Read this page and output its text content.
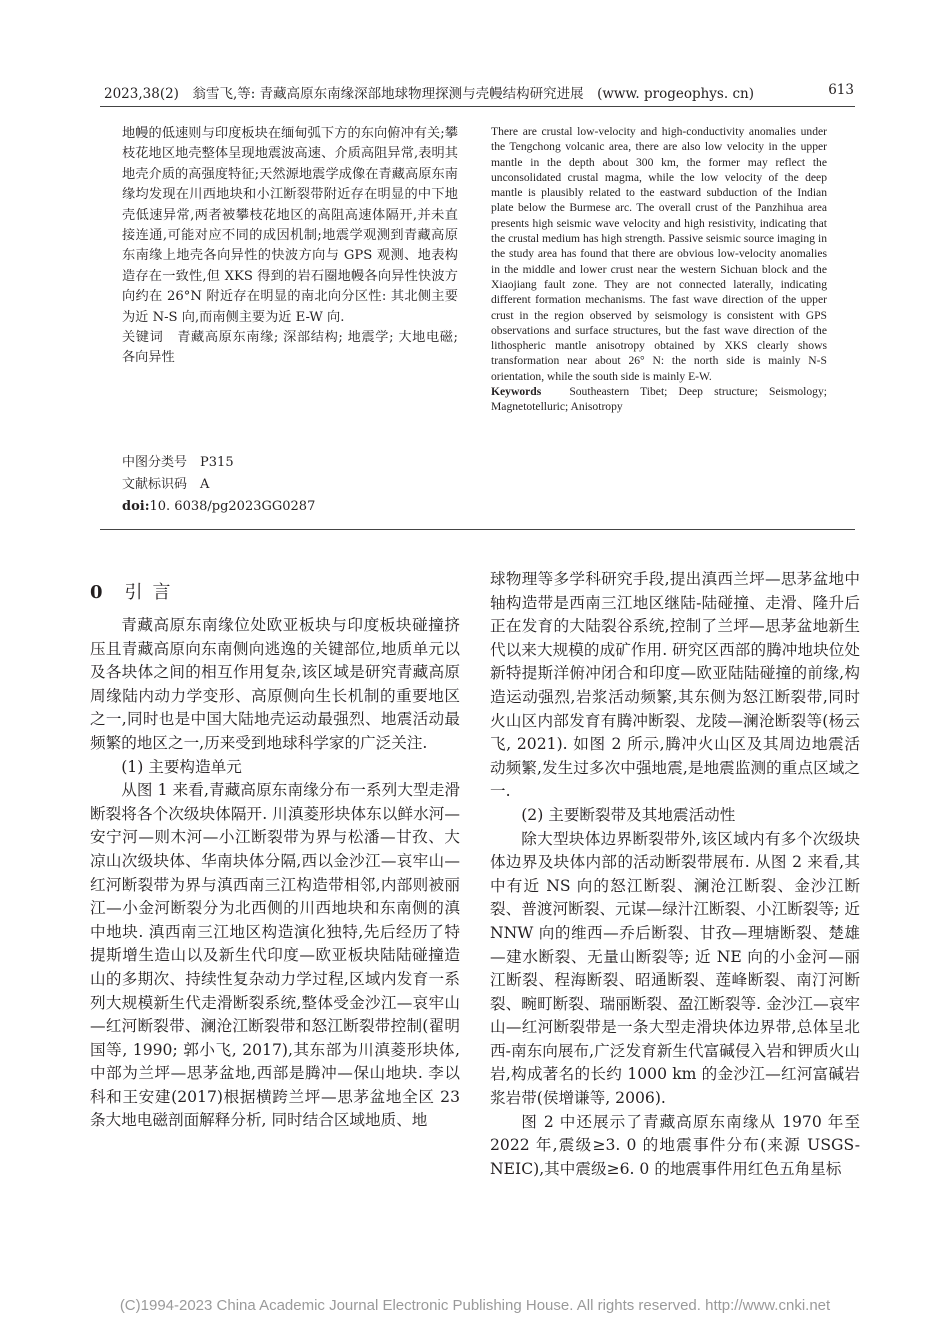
2023,38(2)　翁雪飞,等: 青藏高原东南缘深部地球物理探测与壳幔结构研究进展　(www. progeophys. cn)	613
地幔的低速则与印度板块在缅甸弧下方的东向俯冲有关;攀枝花地区地壳整体呈现地震波高速、介质高阻异常,表明其地壳介质的高强度特征;天然源地震学成像在青藏高原东南缘均发现在川西地块和小江断裂带附近存在明显的中下地壳低速异常,两者被攀枝花地区的高阻高速体隔开,并未直接连通,可能对应不同的成因机制;地震学观测到青藏高原东南缘上地壳各向异性的快波方向与 GPS 观测、地表构造存在一致性,但 XKS 得到的岩石圈地幔各向异性快波方向约在 26°N 附近存在明显的南北向分区性: 其北侧主要为近 N-S 向,而南侧主要为近 E-W 向.
关键词　 青藏高原东南缘; 深部结构; 地震学; 大地电磁; 各向异性
There are crustal low-velocity and high-conductivity anomalies under the Tengchong volcanic area, there are also low velocity in the upper mantle in the depth about 300 km, the former may reflect the unconsolidated crustal magma, while the low velocity of the deep mantle is plausibly related to the eastward subduction of the Indian plate below the Burmese arc. The overall crust of the Panzhihua area presents high seismic wave velocity and high resistivity, indicating that the crustal medium has high strength. Passive seismic source imaging in the study area has found that there are obvious low-velocity anomalies in the middle and lower crust near the western Sichuan block and the Xiaojiang fault zone. They are not connected laterally, indicating different formation mechanisms. The fast wave direction of the upper crust in the region observed by seismology is consistent with GPS observations and surface structures, but the fast wave direction of the lithospheric mantle anisotropy obtained by XKS clearly shows transformation near about 26° N: the north side is mainly N-S orientation, while the south side is mainly E-W.
Keywords　 Southeastern Tibet; Deep structure; Seismology; Magnetotelluric; Anisotropy
中图分类号　 P315
文献标识码　 A
doi:10. 6038/pg2023GG0287
0 引言

青藏高原东南缘位处欧亚板块与印度板块碰撞挤压且青藏高原向东南侧向逃逸的关键部位,地质单元以及各块体之间的相互作用复杂,该区域是研究青藏高原周缘陆内动力学变形、高原侧向生长机制的重要地区之一,同时也是中国大陆地壳运动最强烈、地震活动最频繁的地区之一,历来受到地球科学家的广泛关注.

(1) 主要构造单元

从图 1 来看,青藏高原东南缘分布一系列大型走滑断裂将各个次级块体隔开. 川滇菱形块体东以鲜水河—安宁河—则木河—小江断裂带为界与松潘—甘孜、大凉山次级块体、华南块体分隔,西以金沙江—哀牢山—红河断裂带为界与滇西南三江构造带相邻,内部则被丽江—小金河断裂分为北西侧的川西地块和东南侧的滇中地块. 滇西南三江地区构造演化独特,先后经历了特提斯增生造山以及新生代印度—欧亚板块陆陆碰撞造山的多期次、持续性复杂动力学过程,区域内发育一系列大规模新生代走滑断裂系统,整体受金沙江—哀牢山—红河断裂带、澜沧江断裂带和怒江断裂带控制(翟明国等, 1990; 郭小飞, 2017),其东部为川滇菱形块体,中部为兰坪—思茅盆地,西部是腾冲—保山地块. 李以科和王安建(2017)根据横跨兰坪—思茅盆地全区 23 条大地电磁剖面解释分析, 同时结合区域地质、地

球物理等多学科研究手段,提出滇西兰坪—思茅盆地中轴构造带是西南三江地区继陆-陆碰撞、走滑、隆升后正在发育的大陆裂谷系统,控制了兰坪—思茅盆地新生代以来大规模的成矿作用. 研究区西部的腾冲地块位处新特提斯洋俯冲闭合和印度—欧亚陆陆碰撞的前缘,构造运动强烈,岩浆活动频繁,其东侧为怒江断裂带,同时火山区内部发育有腾冲断裂、龙陵—澜沧断裂等(杨云飞, 2021). 如图 2 所示,腾冲火山区及其周边地震活动频繁,发生过多次中强地震,是地震监测的重点区域之一.

(2) 主要断裂带及其地震活动性

除大型块体边界断裂带外,该区域内有多个次级块体边界及块体内部的活动断裂带展布. 从图 2 来看,其中有近 NS 向的怒江断裂、澜沧江断裂、金沙江断裂、普渡河断裂、元谋—绿汁江断裂、小江断裂等; 近 NNW 向的维西—乔后断裂、甘孜—理塘断裂、楚雄—建水断裂、无量山断裂等; 近 NE 向的小金河—丽江断裂、程海断裂、昭通断裂、莲峰断裂、南汀河断裂、畹町断裂、瑞丽断裂、盈江断裂等. 金沙江—哀牢山—红河断裂带是一条大型走滑块体边界带,总体呈北西-南东向展布,广泛发育新生代富碱侵入岩和钾质火山岩,构成著名的长约 1000 km 的金沙江—红河富碱岩浆岩带(侯增谦等, 2006).

图 2 中还展示了青藏高原东南缘从 1970 年至 2022 年,震级≥3. 0 的地震事件分布(来源 USGS-NEIC),其中震级≥6. 0 的地震事件用红色五角星标

(C)1994-2023 China Academic Journal Electronic Publishing House. All rights reserved. http://www.cnki.net
